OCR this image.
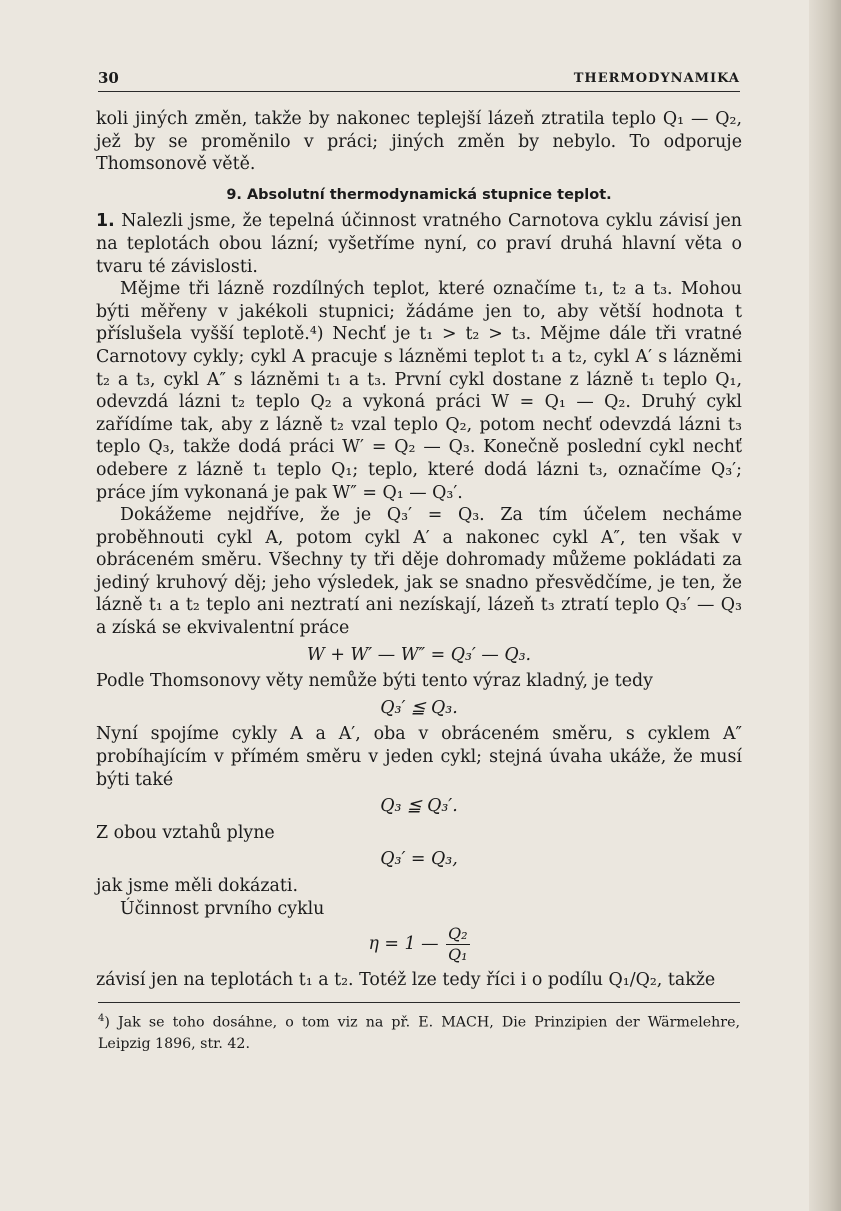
30	THERMODYNAMIKA

koli jiných změn, takže by nakonec teplejší lázeň ztratila teplo Q₁ — Q₂, jež by se proměnilo v práci; jiných změn by nebylo. To odporuje Thomsonově větě.

9. Absolutní thermodynamická stupnice teplot.

1. Nalezli jsme, že tepelná účinnost vratného Carnotova cyklu závisí jen na teplotách obou lázní; vyšetříme nyní, co praví druhá hlavní věta o tvaru té závislosti.

Mějme tři lázně rozdílných teplot, které označíme t₁, t₂ a t₃. Mohou býti měřeny v jakékoli stupnici; žádáme jen to, aby větší hodnota t příslušela vyšší teplotě.⁴) Nechť je t₁ > t₂ > t₃. Mějme dále tři vratné Carnotovy cykly; cykl A pracuje s lázněmi teplot t₁ a t₂, cykl A′ s lázněmi t₂ a t₃, cykl A″ s lázněmi t₁ a t₃. První cykl dostane z lázně t₁ teplo Q₁, odevzdá lázni t₂ teplo Q₂ a vykoná práci W = Q₁ — Q₂. Druhý cykl zařídíme tak, aby z lázně t₂ vzal teplo Q₂, potom nechť odevzdá lázni t₃ teplo Q₃, takže dodá práci W′ = Q₂ — Q₃. Konečně poslední cykl nechť odebere z lázně t₁ teplo Q₁; teplo, které dodá lázni t₃, označíme Q₃′; práce jím vykonaná je pak W″ = Q₁ — Q₃′.

Dokážeme nejdříve, že je Q₃′ = Q₃. Za tím účelem necháme proběhnouti cykl A, potom cykl A′ a nakonec cykl A″, ten však v obráceném směru. Všechny ty tři děje dohromady můžeme pokládati za jediný kruhový děj; jeho výsledek, jak se snadno přesvědčíme, je ten, že lázně t₁ a t₂ teplo ani neztratí ani nezískají, lázeň t₃ ztratí teplo Q₃′ — Q₃ a získá se ekvivalentní práce

W + W′ — W″ = Q₃′ — Q₃.

Podle Thomsonovy věty nemůže býti tento výraz kladný, je tedy

Q₃′ ≦ Q₃.

Nyní spojíme cykly A a A′, oba v obráceném směru, s cyklem A″ probíhajícím v přímém směru v jeden cykl; stejná úvaha ukáže, že musí býti také

Q₃ ≦ Q₃′.

Z obou vztahů plyne

Q₃′ = Q₃,

jak jsme měli dokázati.

Účinnost prvního cyklu

η = 1 — $\frac{\text{Q₂}}{\text{Q₁}}$

závisí jen na teplotách t₁ a t₂. Totéž lze tedy říci i o podílu Q₁/Q₂, takže

$^4$) Jak se toho dosáhne, o tom viz na př. E. MACH, Die Prinzipien der Wärmelehre, Leipzig 1896, str. 42.
